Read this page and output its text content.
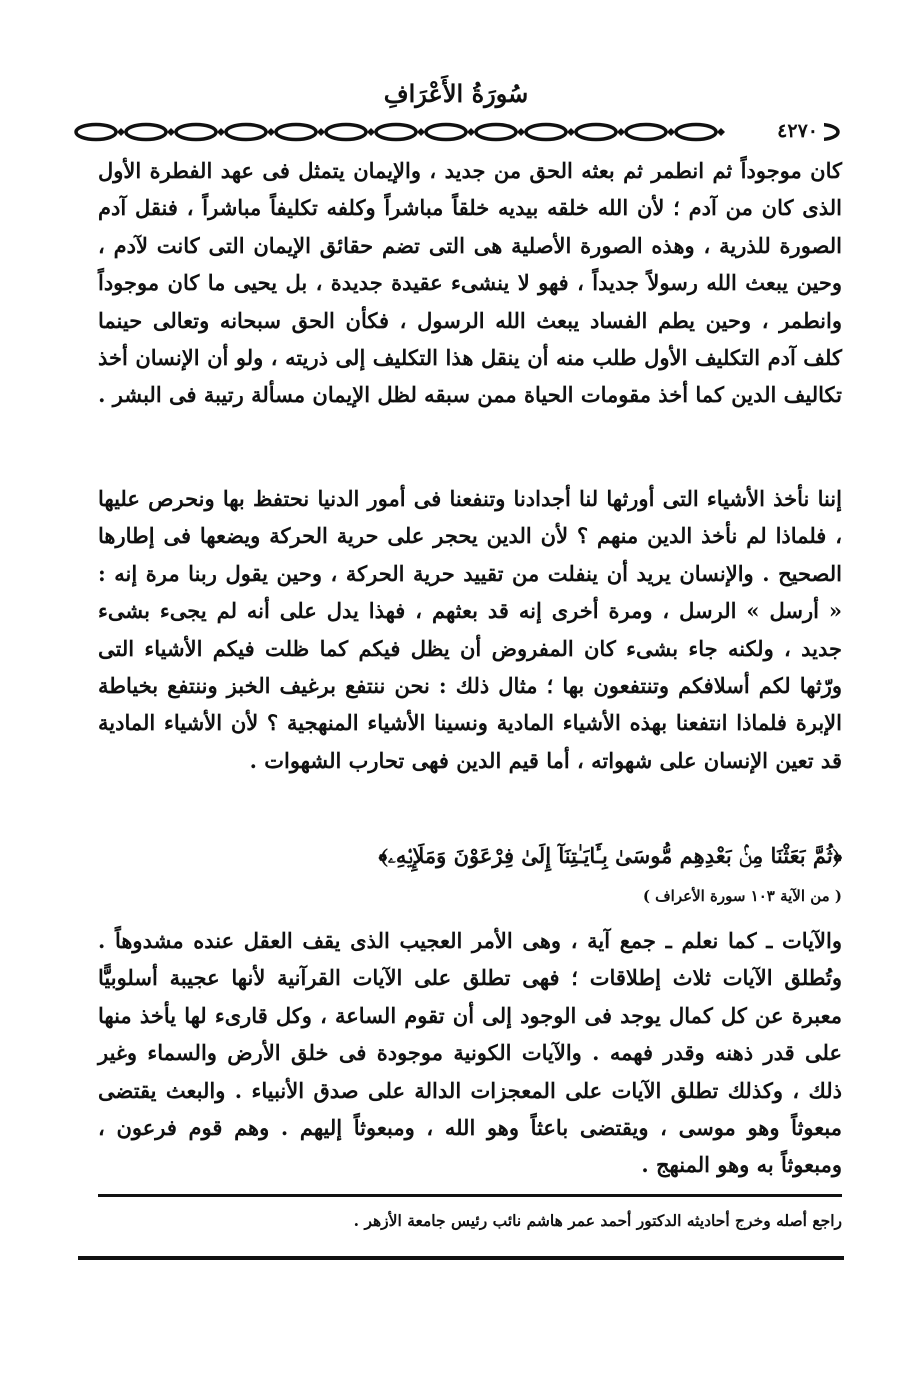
سُورَةُ الأَعْرَافِ
٤٢٧٠

كان موجوداً ثم انطمر ثم بعثه الحق من جديد ، والإيمان يتمثل فى عهد الفطرة الأول الذى كان من آدم ؛ لأن الله خلقه بيديه خلقاً مباشراً وكلفه تكليفاً مباشراً ، فنقل آدم الصورة للذرية ، وهذه الصورة الأصلية هى التى تضم حقائق الإيمان التى كانت لآدم ، وحين يبعث الله رسولاً جديداً ، فهو لا ينشىء عقيدة جديدة ، بل يحيى ما كان موجوداً وانطمر ، وحين يطم الفساد يبعث الله الرسول ، فكأن الحق سبحانه وتعالى حينما كلف آدم التكليف الأول طلب منه أن ينقل هذا التكليف إلى ذريته ، ولو أن الإنسان أخذ تكاليف الدين كما أخذ مقومات الحياة ممن سبقه لظل الإيمان مسألة رتيبة فى البشر .

إننا نأخذ الأشياء التى أورثها لنا أجدادنا وتنفعنا فى أمور الدنيا نحتفظ بها ونحرص عليها ، فلماذا لم نأخذ الدين منهم ؟ لأن الدين يحجر على حرية الحركة ويضعها فى إطارها الصحيح . والإنسان يريد أن ينفلت من تقييد حرية الحركة ، وحين يقول ربنا مرة إنه : « أرسل » الرسل ، ومرة أخرى إنه قد بعثهم ، فهذا يدل على أنه لم يجىء بشىء جديد ، ولكنه جاء بشىء كان المفروض أن يظل فيكم كما ظلت فيكم الأشياء التى ورّثها لكم أسلافكم وتنتفعون بها ؛ مثال ذلك : نحن ننتفع برغيف الخبز وننتفع بخياطة الإبرة فلماذا انتفعنا بهذه الأشياء المادية ونسينا الأشياء المنهجية ؟ لأن الأشياء المادية قد تعين الإنسان على شهواته ، أما قيم الدين فهى تحارب الشهوات .

﴿ثُمَّ بَعَثْنَا مِنۢ بَعْدِهِم مُّوسَىٰ بِـَٔايَـٰتِنَآ إِلَىٰ فِرْعَوْنَ وَمَلَإِي۟هِۦ﴾
( من الآية ١٠٣ سورة الأعراف )

والآيات ـ كما نعلم ـ جمع آية ، وهى الأمر العجيب الذى يقف العقل عنده مشدوهاً . وتُطلق الآيات ثلاث إطلاقات ؛ فهى تطلق على الآيات القرآنية لأنها عجيبة أسلوبيًّا معبرة عن كل كمال يوجد فى الوجود إلى أن تقوم الساعة ، وكل قارىء لها يأخذ منها على قدر ذهنه وقدر فهمه . والآيات الكونية موجودة فى خلق الأرض والسماء وغير ذلك ، وكذلك تطلق الآيات على المعجزات الدالة على صدق الأنبياء . والبعث يقتضى مبعوثاً وهو موسى ، ويقتضى باعثاً وهو الله ، ومبعوثاً إليهم . وهم قوم فرعون ، ومبعوثاً به وهو المنهج .

راجع أصله وخرج أحاديثه الدكتور أحمد عمر هاشم نائب رئيس جامعة الأزهر .
